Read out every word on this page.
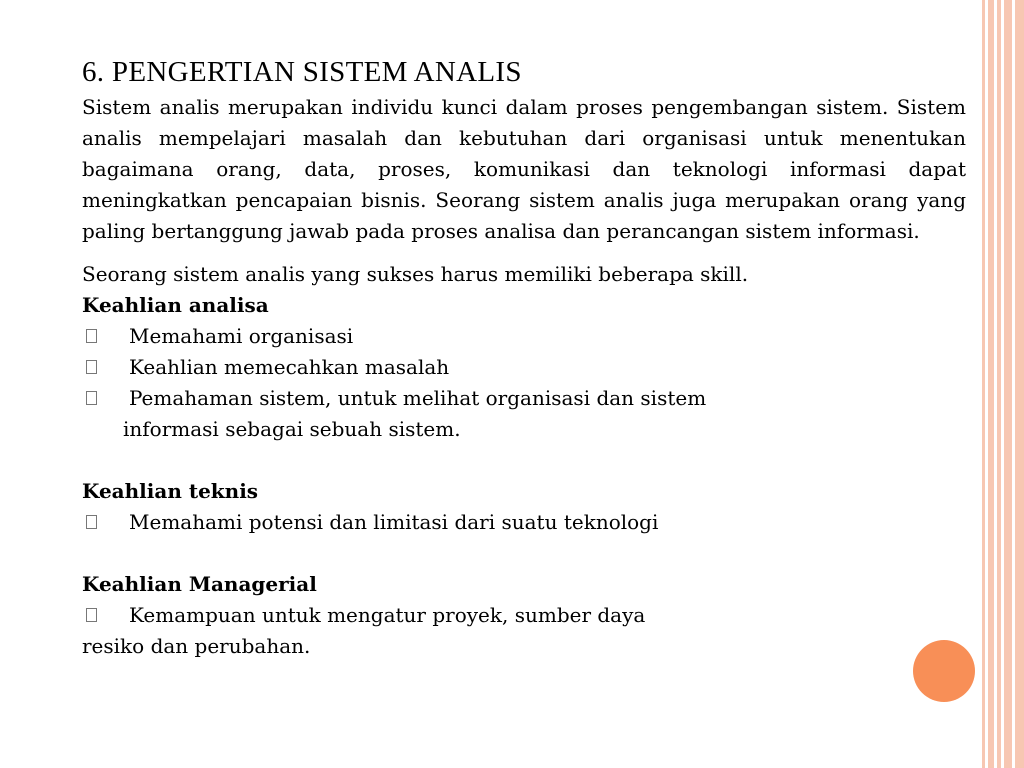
6. PENGERTIAN SISTEM ANALIS

Sistem analis merupakan individu kunci dalam proses pengembangan sistem. Sistem analis mempelajari masalah dan kebutuhan dari organisasi untuk menentukan bagaimana orang, data, proses, komunikasi dan teknologi informasi dapat meningkatkan pencapaian bisnis. Seorang sistem analis juga merupakan orang yang paling bertanggung jawab pada proses analisa dan perancangan sistem informasi.

Seorang sistem analis yang sukses harus memiliki beberapa skill.

Keahlian analisa

Memahami organisasi

Keahlian memecahkan masalah

Pemahaman sistem, untuk melihat organisasi dan sistem
informasi sebagai sebuah sistem.

Keahlian teknis

Memahami potensi dan limitasi dari suatu teknologi

Keahlian Managerial

Kemampuan untuk mengatur proyek, sumber daya

resiko dan perubahan.
